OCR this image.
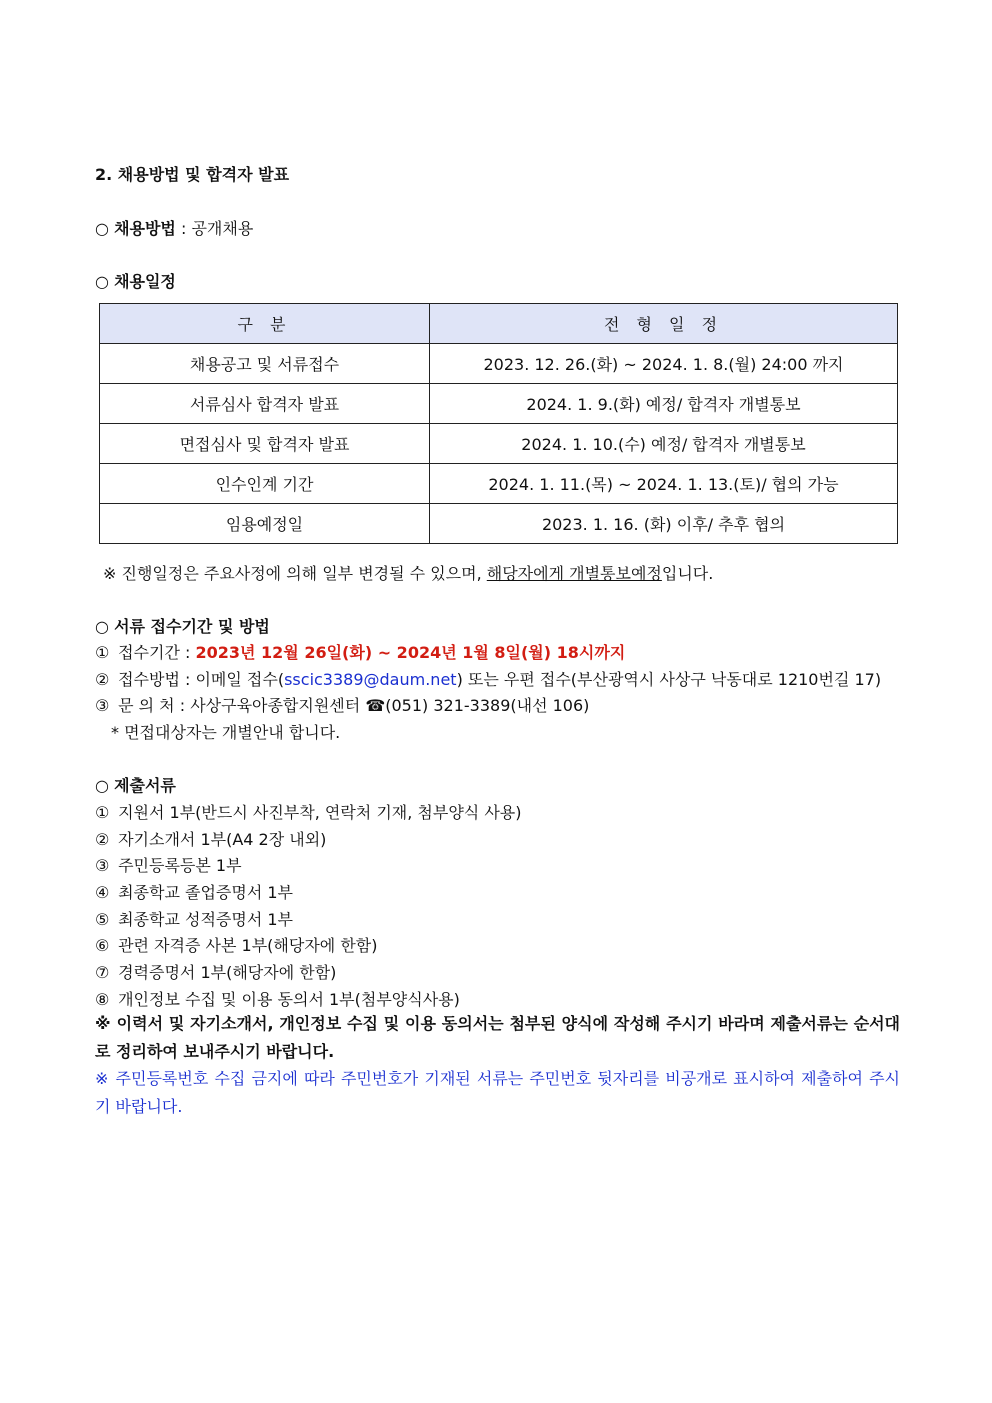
2. 채용방법 및 합격자 발표
○ 채용방법 : 공개채용
○ 채용일정
구 분	전 형 일 정
채용공고 및 서류접수	2023. 12. 26.(화) ~ 2024. 1. 8.(월) 24:00 까지
서류심사 합격자 발표	2024. 1. 9.(화) 예정/ 합격자 개별통보
면접심사 및 합격자 발표	2024. 1. 10.(수) 예정/ 합격자 개별통보
인수인계 기간	2024. 1. 11.(목) ~ 2024. 1. 13.(토)/ 협의 가능
임용예정일	2023. 1. 16. (화) 이후/ 추후 협의
※ 진행일정은 주요사정에 의해 일부 변경될 수 있으며, 해당자에게 개별통보예정입니다.
○ 서류 접수기간 및 방법
① 접수기간 : 2023년 12월 26일(화) ~ 2024년 1월 8일(월) 18시까지
② 접수방법 : 이메일 접수(sscic3389@daum.net) 또는 우편 접수(부산광역시 사상구 낙동대로 1210번길 17)
③ 문 의 처 : 사상구육아종합지원센터 ☎(051) 321-3389(내선 106)
* 면접대상자는 개별안내 합니다.
○ 제출서류
① 지원서 1부(반드시 사진부착, 연락처 기재, 첨부양식 사용)
② 자기소개서 1부(A4 2장 내외)
③ 주민등록등본 1부
④ 최종학교 졸업증명서 1부
⑤ 최종학교 성적증명서 1부
⑥ 관련 자격증 사본 1부(해당자에 한함)
⑦ 경력증명서 1부(해당자에 한함)
⑧ 개인정보 수집 및 이용 동의서 1부(첨부양식사용)
※ 이력서 및 자기소개서, 개인정보 수집 및 이용 동의서는 첨부된 양식에 작성해 주시기 바라며 제출서류는 순서대로 정리하여 보내주시기 바랍니다.
※ 주민등록번호 수집 금지에 따라 주민번호가 기재된 서류는 주민번호 뒷자리를 비공개로 표시하여 제출하여 주시기 바랍니다.
